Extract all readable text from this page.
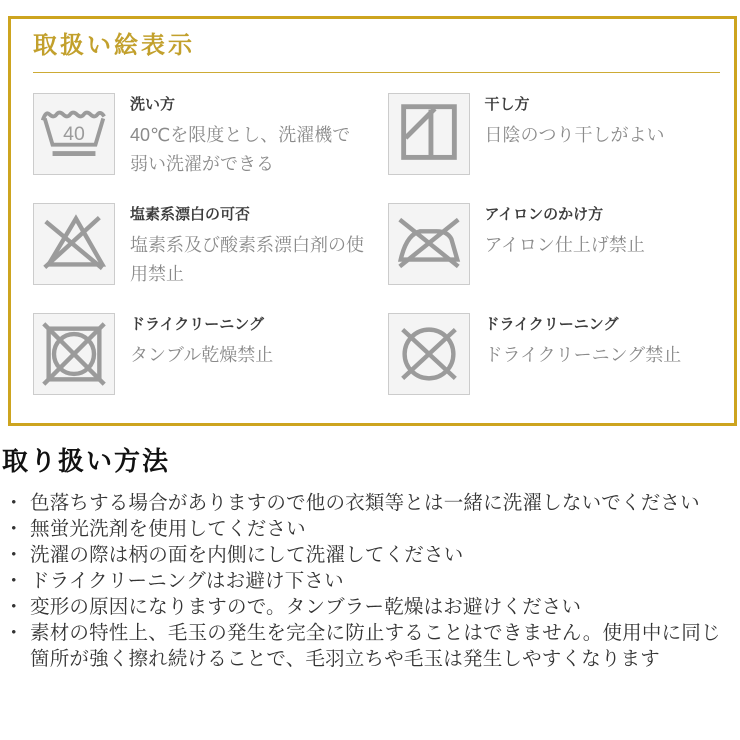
取扱い絵表示
40
洗い方
40℃を限度とし、洗濯機で弱い洗濯ができる
干し方
日陰のつり干しがよい
塩素系漂白の可否
塩素系及び酸素系漂白剤の使用禁止
アイロンのかけ方
アイロン仕上げ禁止
ドライクリーニング
タンブル乾燥禁止
ドライクリーニング
ドライクリーニング禁止
取り扱い方法
・ 色落ちする場合がありますので他の衣類等とは一緒に洗濯しないでください
・ 無蛍光洗剤を使用してください
・ 洗濯の際は柄の面を内側にして洗濯してください
・ ドライクリーニングはお避け下さい
・ 変形の原因になりますので。タンブラー乾燥はお避けください
・ 素材の特性上、毛玉の発生を完全に防止することはできません。使用中に同じ箇所が強く擦れ続けることで、毛羽立ちや毛玉は発生しやすくなります
